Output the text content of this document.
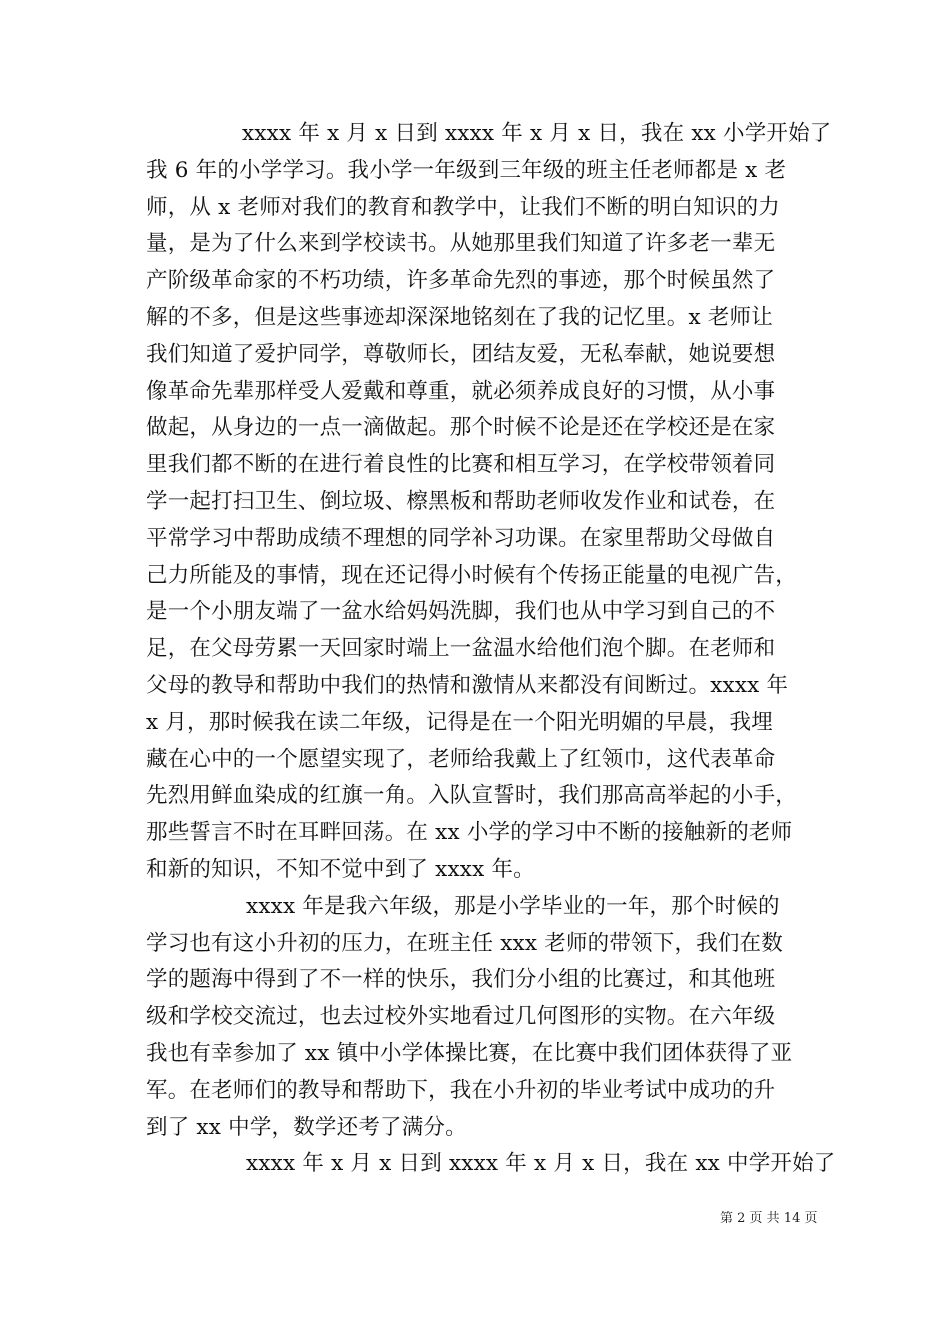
xxxx 年 x 月 x 日到 xxxx 年 x 月 x 日，我在 xx 小学开始了
我 6 年的小学学习。我小学一年级到三年级的班主任老师都是 x 老
师，从 x 老师对我们的教育和教学中，让我们不断的明白知识的力
量，是为了什么来到学校读书。从她那里我们知道了许多老一辈无
产阶级革命家的不朽功绩，许多革命先烈的事迹，那个时候虽然了
解的不多，但是这些事迹却深深地铭刻在了我的记忆里。x 老师让
我们知道了爱护同学，尊敬师长，团结友爱，无私奉献，她说要想
像革命先辈那样受人爱戴和尊重，就必须养成良好的习惯，从小事
做起，从身边的一点一滴做起。那个时候不论是还在学校还是在家
里我们都不断的在进行着良性的比赛和相互学习，在学校带领着同
学一起打扫卫生、倒垃圾、檫黑板和帮助老师收发作业和试卷，在
平常学习中帮助成绩不理想的同学补习功课。在家里帮助父母做自
己力所能及的事情，现在还记得小时候有个传扬正能量的电视广告，
是一个小朋友端了一盆水给妈妈洗脚，我们也从中学习到自己的不
足，在父母劳累一天回家时端上一盆温水给他们泡个脚。在老师和
父母的教导和帮助中我们的热情和激情从来都没有间断过。xxxx 年
x 月，那时候我在读二年级，记得是在一个阳光明媚的早晨，我埋
藏在心中的一个愿望实现了，老师给我戴上了红领巾，这代表革命
先烈用鲜血染成的红旗一角。入队宣誓时，我们那高高举起的小手，
那些誓言不时在耳畔回荡。在 xx 小学的学习中不断的接触新的老师
和新的知识，不知不觉中到了 xxxx 年。
xxxx 年是我六年级，那是小学毕业的一年，那个时候的
学习也有这小升初的压力，在班主任 xxx 老师的带领下，我们在数
学的题海中得到了不一样的快乐，我们分小组的比赛过，和其他班
级和学校交流过，也去过校外实地看过几何图形的实物。在六年级
我也有幸参加了 xx 镇中小学体操比赛，在比赛中我们团体获得了亚
军。在老师们的教导和帮助下，我在小升初的毕业考试中成功的升
到了 xx 中学，数学还考了满分。
xxxx 年 x 月 x 日到 xxxx 年 x 月 x 日，我在 xx 中学开始了
第 2 页 共 14 页
